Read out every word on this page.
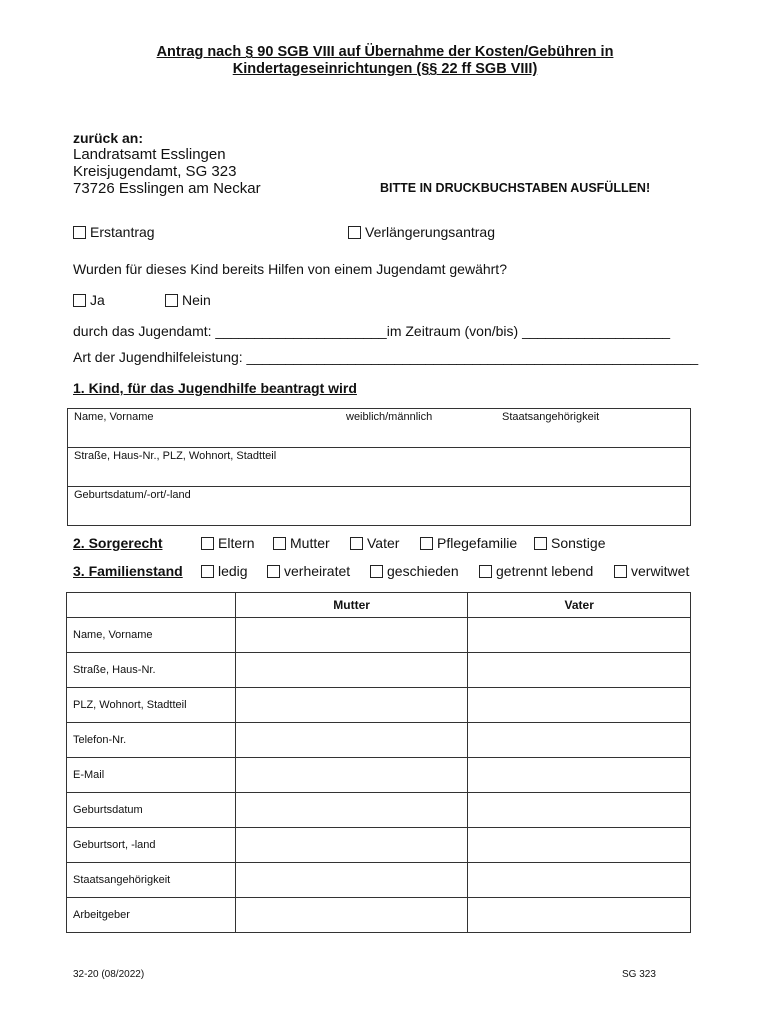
Antrag nach § 90 SGB VIII auf Übernahme der Kosten/Gebühren in
Kindertageseinrichtungen (§§ 22 ff SGB VIII)
zurück an:
Landratsamt Esslingen
Kreisjugendamt, SG 323
73726 Esslingen am Neckar	BITTE IN DRUCKBUCHSTABEN AUSFÜLLEN!
Erstantrag	Verlängerungsantrag
Wurden für dieses Kind bereits Hilfen von einem Jugendamt gewährt?
Ja	Nein
durch das Jugendamt: ______________________im Zeitraum (von/bis) ___________________
Art der Jugendhilfeleistung: __________________________________________________________
1. Kind, für das Jugendhilfe beantragt wird
Name, Vorname	weiblich/männlich	Staatsangehörigkeit

Straße, Haus-Nr., PLZ, Wohnort, Stadtteil
Geburtsdatum/-ort/-land
2. Sorgerecht	Eltern	Mutter	Vater	Pflegefamilie	Sonstige
3. Familienstand	ledig	verheiratet	geschieden	getrennt lebend	verwitwet
	Mutter	Vater
Name, Vorname		
Straße, Haus-Nr.		
PLZ, Wohnort, Stadtteil		
Telefon-Nr.		
E-Mail		
Geburtsdatum		
Geburtsort, -land		
Staatsangehörigkeit		
Arbeitgeber		
32-20 (08/2022)	SG 323
